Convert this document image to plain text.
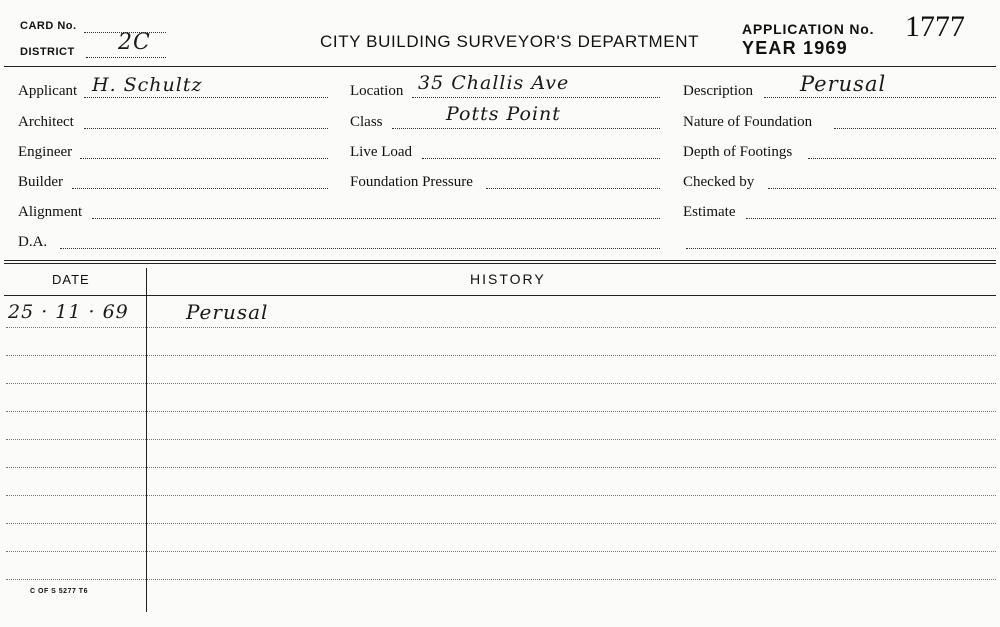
CARD No.
DISTRICT 2C	CITY BUILDING SURVEYOR'S DEPARTMENT
APPLICATION No. 1777
YEAR 1969
Applicant H. Schultz
Architect
Engineer
Builder
Alignment
D.A.
Location 35 Challis Ave
Class	Potts Point
Live Load
Foundation Pressure
Description Perusal
Nature of Foundation
Depth of Footings
Checked by
Estimate
DATE	HISTORY
25 · 11 · 69	Perusal
C OF S 5277 T6
